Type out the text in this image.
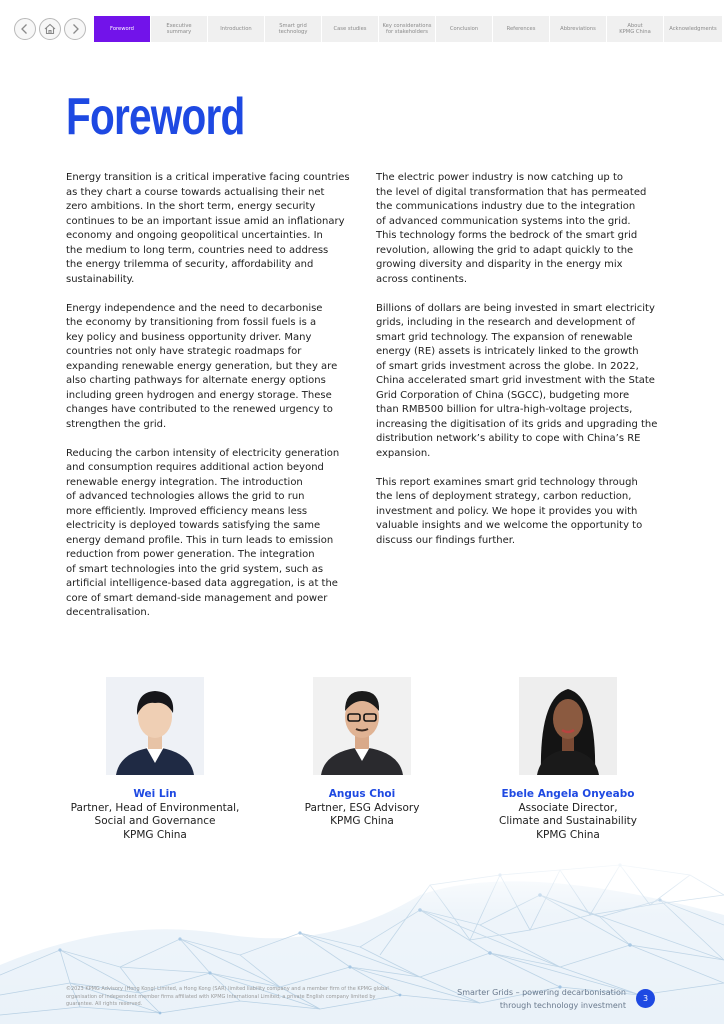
Foreword	Executive
summary	Introduction	Smart grid
technology	Case studies	Key considerations
for stakeholders	Conclusion	References	Abbreviations	About
KPMG China	Acknowledgments
Foreword

Energy transition is a critical imperative facing countries
as they chart a course towards actualising their net
zero ambitions. In the short term, energy security
continues to be an important issue amid an inflationary
economy and ongoing geopolitical uncertainties. In
the medium to long term, countries need to address
the energy trilemma of security, affordability and
sustainability.

Energy independence and the need to decarbonise
the economy by transitioning from fossil fuels is a
key policy and business opportunity driver. Many
countries not only have strategic roadmaps for
expanding renewable energy generation, but they are
also charting pathways for alternate energy options
including green hydrogen and energy storage. These
changes have contributed to the renewed urgency to
strengthen the grid.

Reducing the carbon intensity of electricity generation
and consumption requires additional action beyond
renewable energy integration. The introduction
of advanced technologies allows the grid to run
more efficiently. Improved efficiency means less
electricity is deployed towards satisfying the same
energy demand profile. This in turn leads to emission
reduction from power generation. The integration
of smart technologies into the grid system, such as
artificial intelligence-based data aggregation, is at the
core of smart demand-side management and power
decentralisation.

The electric power industry is now catching up to
the level of digital transformation that has permeated
the communications industry due to the integration
of advanced communication systems into the grid.
This technology forms the bedrock of the smart grid
revolution, allowing the grid to adapt quickly to the
growing diversity and disparity in the energy mix
across continents.

Billions of dollars are being invested in smart electricity
grids, including in the research and development of
smart grid technology. The expansion of renewable
energy (RE) assets is intricately linked to the growth
of smart grids investment across the globe. In 2022,
China accelerated smart grid investment with the State
Grid Corporation of China (SGCC), budgeting more
than RMB500 billion for ultra-high-voltage projects,
increasing the digitisation of its grids and upgrading the
distribution network’s ability to cope with China’s RE
expansion.

This report examines smart grid technology through
the lens of deployment strategy, carbon reduction,
investment and policy. We hope it provides you with
valuable insights and we welcome the opportunity to
discuss our findings further.

Wei Lin
Partner, Head of Environmental,
Social and Governance
KPMG China
Angus Choi
Partner, ESG Advisory
KPMG China
Ebele Angela Onyeabo
Associate Director,
Climate and Sustainability
KPMG China
©2023 KPMG Advisory (Hong Kong) Limited, a Hong Kong (SAR) limited liability company and a member firm of the KPMG global organisation of independent member firms affiliated with KPMG International Limited, a private English company limited by guarantee. All rights reserved.
Smarter Grids – powering decarbonisation
through technology investment
3
